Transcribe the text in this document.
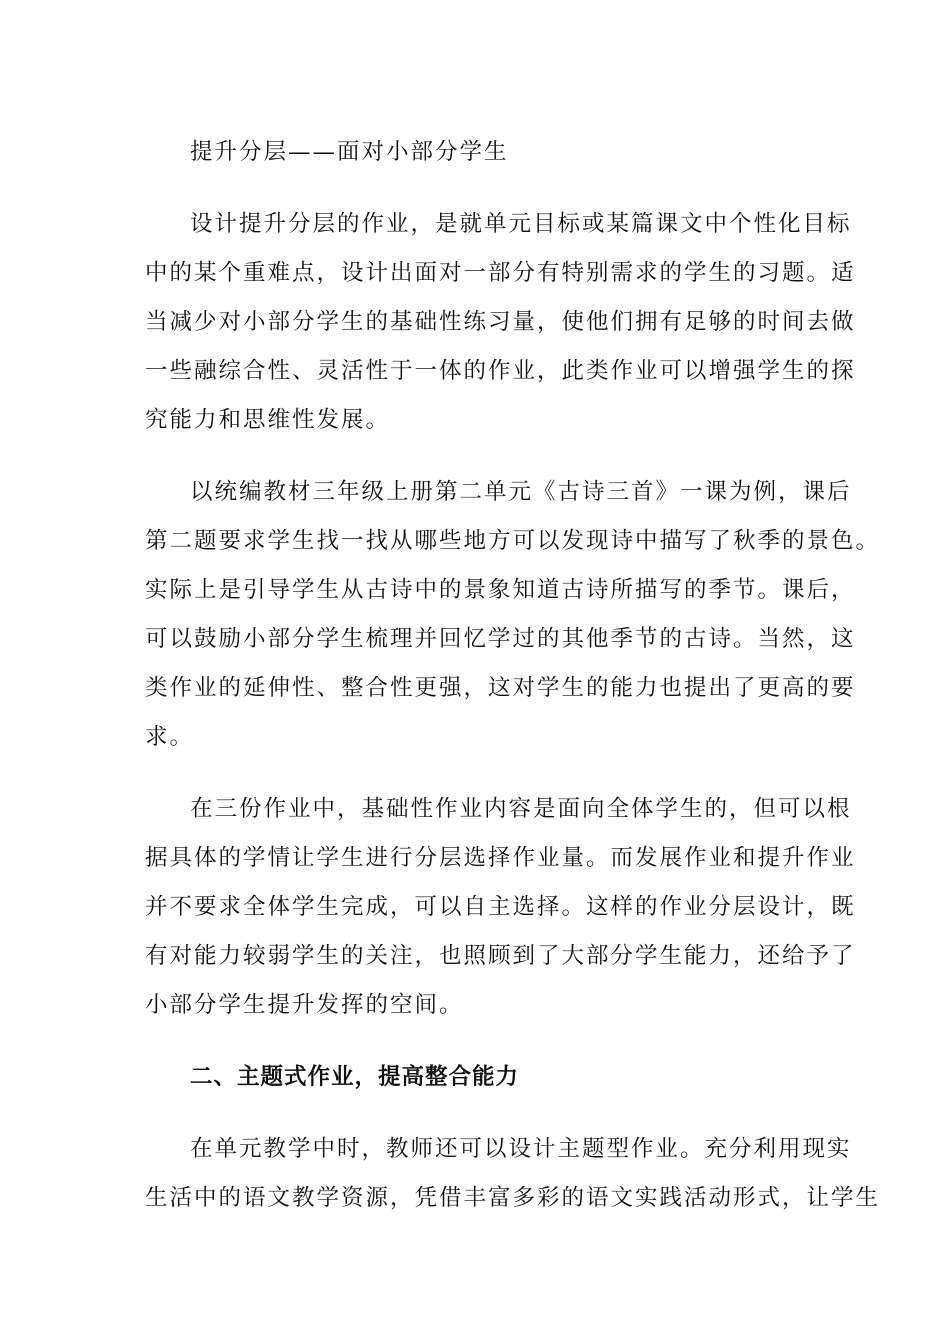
提升分层——面对小部分学生
设计提升分层的作业，是就单元目标或某篇课文中个性化目标
中的某个重难点，设计出面对一部分有特别需求的学生的习题。适
当减少对小部分学生的基础性练习量，使他们拥有足够的时间去做
一些融综合性、灵活性于一体的作业，此类作业可以增强学生的探
究能力和思维性发展。
以统编教材三年级上册第二单元《古诗三首》一课为例，课后
第二题要求学生找一找从哪些地方可以发现诗中描写了秋季的景色。
实际上是引导学生从古诗中的景象知道古诗所描写的季节。课后，
可以鼓励小部分学生梳理并回忆学过的其他季节的古诗。当然，这
类作业的延伸性、整合性更强，这对学生的能力也提出了更高的要
求。
在三份作业中，基础性作业内容是面向全体学生的，但可以根
据具体的学情让学生进行分层选择作业量。而发展作业和提升作业
并不要求全体学生完成，可以自主选择。这样的作业分层设计，既
有对能力较弱学生的关注，也照顾到了大部分学生能力，还给予了
小部分学生提升发挥的空间。
二、主题式作业，提高整合能力
在单元教学中时，教师还可以设计主题型作业。充分利用现实
生活中的语文教学资源，凭借丰富多彩的语文实践活动形式，让学生
